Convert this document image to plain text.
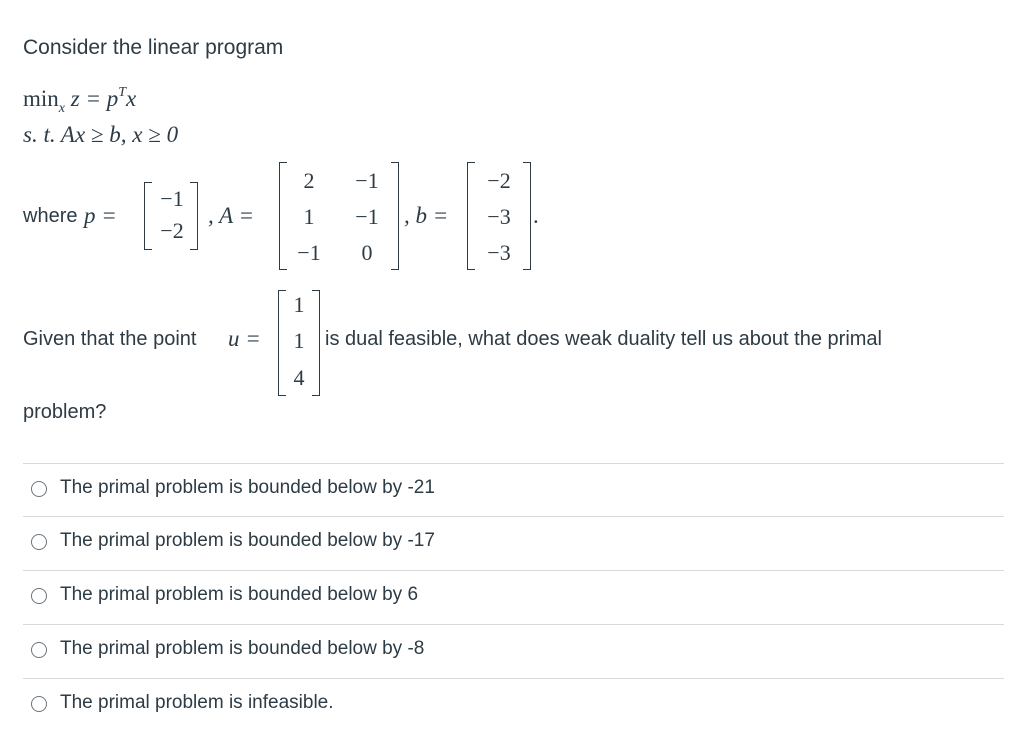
Consider the linear program
$\min_x z = p^Tx$
s. t. Ax ≥ b, x ≥ 0
where p =
−1
−2
, A =
2	−1
1	−1
−1	0
, b =
−2
−3
−3
.
Given that the point u =
1
1
4
is dual feasible, what does weak duality tell us about the primal
problem?
The primal problem is bounded below by -21
The primal problem is bounded below by -17
The primal problem is bounded below by 6
The primal problem is bounded below by -8
The primal problem is infeasible.
